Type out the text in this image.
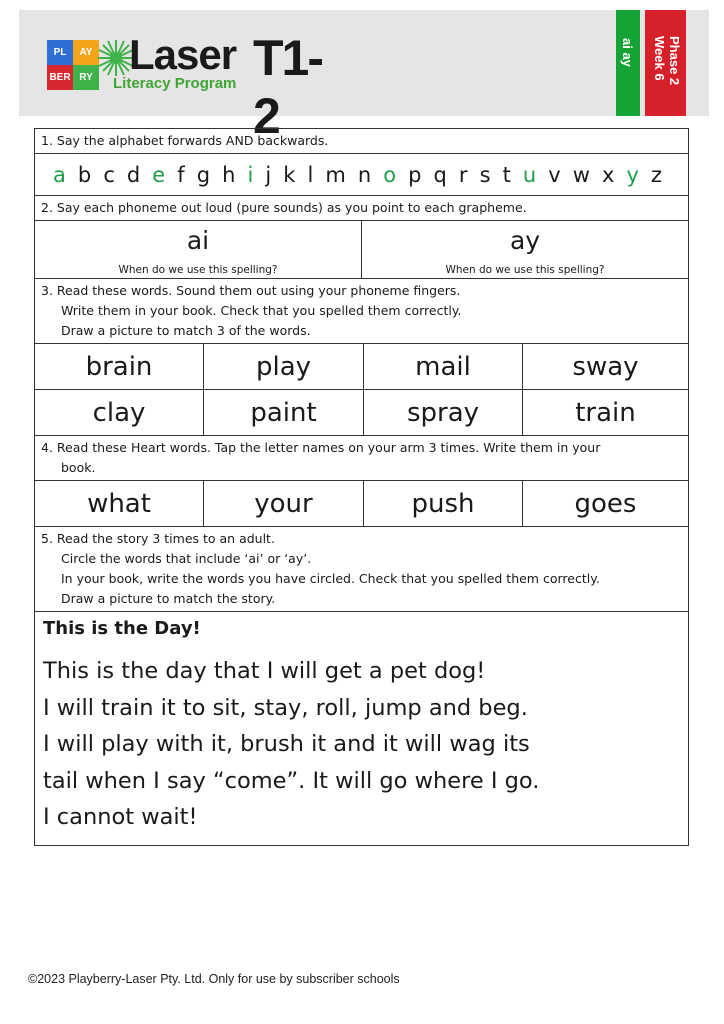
PL	AY
BER RY Laser
Literacy Program T1-2
ai ay Phase 2
Week 6
1. Say the alphabet forwards AND backwards.
a b c d e f g h i j k l m n o p q r s t u v w x y z
2. Say each phoneme out loud (pure sounds) as you point to each grapheme.
ai
When do we use this spelling?
ay
When do we use this spelling?
3. Read these words. Sound them out using your phoneme fingers.
Write them in your book. Check that you spelled them correctly.
Draw a picture to match 3 of the words.
brain	play	mail	sway
clay	paint	spray	train
4. Read these Heart words. Tap the letter names on your arm 3 times. Write them in your
book.
what	your	push	goes
5. Read the story 3 times to an adult.
Circle the words that include ‘ai’ or ‘ay’.
In your book, write the words you have circled. Check that you spelled them correctly.
Draw a picture to match the story.
This is the Day!
This is the day that I will get a pet dog!
I will train it to sit, stay, roll, jump and beg.
I will play with it, brush it and it will wag its
tail when I say “come”. It will go where I go.
I cannot wait!
©2023 Playberry-Laser Pty. Ltd. Only for use by subscriber schools
